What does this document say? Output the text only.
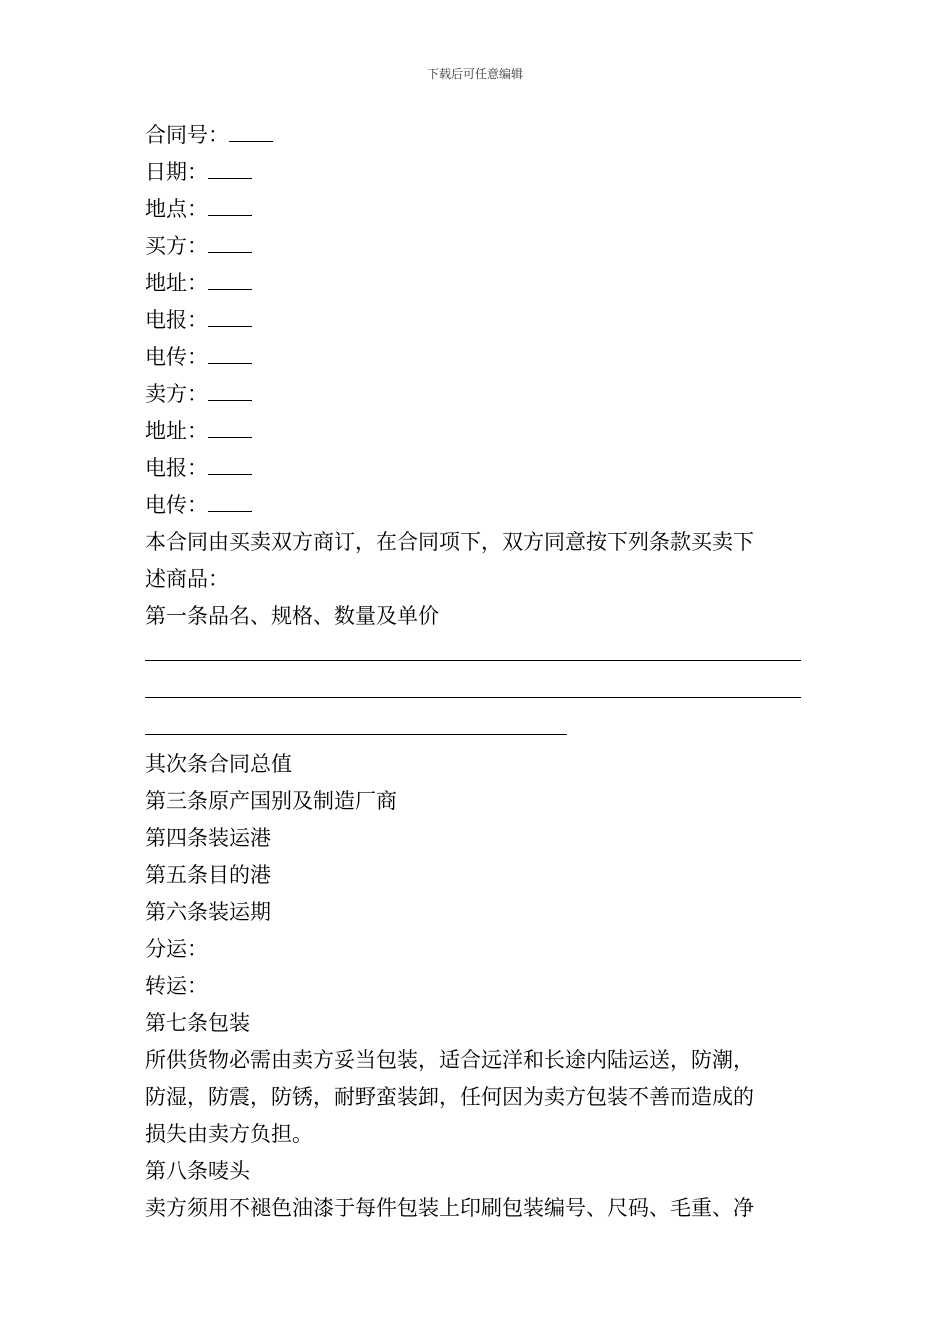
下载后可任意编辑
合同号：
日期：
地点：
买方：
地址：
电报：
电传：
卖方：
地址：
电报：
电传：
本合同由买卖双方商订，在合同项下，双方同意按下列条款买卖下
述商品：
第一条品名、规格、数量及单价
其次条合同总值
第三条原产国别及制造厂商
第四条装运港
第五条目的港
第六条装运期
分运：
转运：
第七条包装
所供货物必需由卖方妥当包装，适合远洋和长途内陆运送，防潮，
防湿，防震，防锈，耐野蛮装卸，任何因为卖方包装不善而造成的
损失由卖方负担。
第八条唛头
卖方须用不褪色油漆于每件包装上印刷包装编号、尺码、毛重、净
